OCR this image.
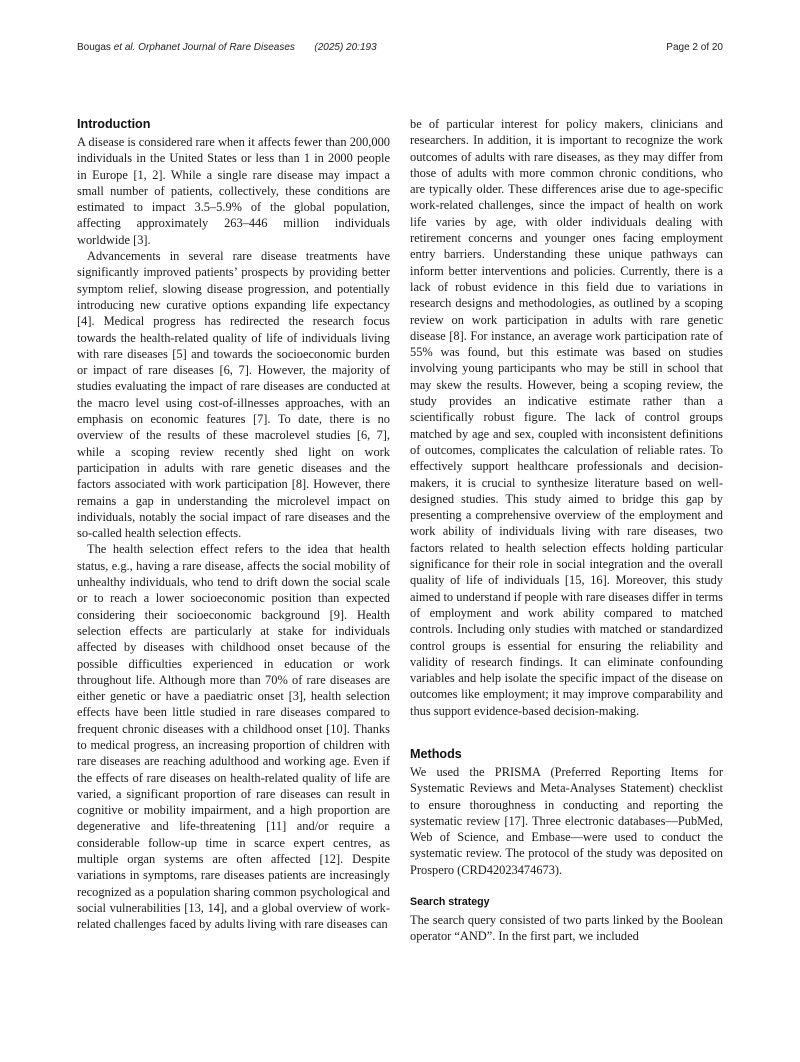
Bougas et al. Orphanet Journal of Rare Diseases (2025) 20:193	Page 2 of 20
Introduction

A disease is considered rare when it affects fewer than 200,000 individuals in the United States or less than 1 in 2000 people in Europe [1, 2]. While a single rare disease may impact a small number of patients, collectively, these conditions are estimated to impact 3.5–5.9% of the global population, affecting approximately 263–446 million individuals worldwide [3].

Advancements in several rare disease treatments have significantly improved patients’ prospects by providing better symptom relief, slowing disease progression, and potentially introducing new curative options expanding life expectancy [4]. Medical progress has redirected the research focus towards the health-related quality of life of individuals living with rare diseases [5] and towards the socioeconomic burden or impact of rare diseases [6, 7]. However, the majority of studies evaluating the impact of rare diseases are conducted at the macro level using cost-of-illnesses approaches, with an emphasis on economic features [7]. To date, there is no overview of the results of these macrolevel studies [6, 7], while a scoping review recently shed light on work participation in adults with rare genetic diseases and the factors associated with work participation [8]. However, there remains a gap in understanding the microlevel impact on individuals, notably the social impact of rare diseases and the so-called health selection effects.

The health selection effect refers to the idea that health status, e.g., having a rare disease, affects the social mobility of unhealthy individuals, who tend to drift down the social scale or to reach a lower socioeconomic position than expected considering their socioeconomic background [9]. Health selection effects are particularly at stake for individuals affected by diseases with childhood onset because of the possible difficulties experienced in education or work throughout life. Although more than 70% of rare diseases are either genetic or have a paediatric onset [3], health selection effects have been little studied in rare diseases compared to frequent chronic diseases with a childhood onset [10]. Thanks to medical progress, an increasing proportion of children with rare diseases are reaching adulthood and working age. Even if the effects of rare diseases on health-related quality of life are varied, a significant proportion of rare diseases can result in cognitive or mobility impairment, and a high proportion are degenerative and life-threatening [11] and/or require a considerable follow-up time in scarce expert centres, as multiple organ systems are often affected [12]. Despite variations in symptoms, rare diseases patients are increasingly recognized as a population sharing common psychological and social vulnerabilities [13, 14], and a global overview of work-related challenges faced by adults living with rare diseases can

be of particular interest for policy makers, clinicians and researchers. In addition, it is important to recognize the work outcomes of adults with rare diseases, as they may differ from those of adults with more common chronic conditions, who are typically older. These differences arise due to age-specific work-related challenges, since the impact of health on work life varies by age, with older individuals dealing with retirement concerns and younger ones facing employment entry barriers. Understanding these unique pathways can inform better interventions and policies. Currently, there is a lack of robust evidence in this field due to variations in research designs and methodologies, as outlined by a scoping review on work participation in adults with rare genetic disease [8]. For instance, an average work participation rate of 55% was found, but this estimate was based on studies involving young participants who may be still in school that may skew the results. However, being a scoping review, the study provides an indicative estimate rather than a scientifically robust figure. The lack of control groups matched by age and sex, coupled with inconsistent definitions of outcomes, complicates the calculation of reliable rates. To effectively support healthcare professionals and decision-makers, it is crucial to synthesize literature based on well-designed studies. This study aimed to bridge this gap by presenting a comprehensive overview of the employment and work ability of individuals living with rare diseases, two factors related to health selection effects holding particular significance for their role in social integration and the overall quality of life of individuals [15, 16]. Moreover, this study aimed to understand if people with rare diseases differ in terms of employment and work ability compared to matched controls. Including only studies with matched or standardized control groups is essential for ensuring the reliability and validity of research findings. It can eliminate confounding variables and help isolate the specific impact of the disease on outcomes like employment; it may improve comparability and thus support evidence-based decision-making.

Methods

We used the PRISMA (Preferred Reporting Items for Systematic Reviews and Meta-Analyses Statement) checklist to ensure thoroughness in conducting and reporting the systematic review [17]. Three electronic databases—PubMed, Web of Science, and Embase—were used to conduct the systematic review. The protocol of the study was deposited on Prospero (CRD42023474673).

Search strategy

The search query consisted of two parts linked by the Boolean operator “AND”. In the first part, we included
